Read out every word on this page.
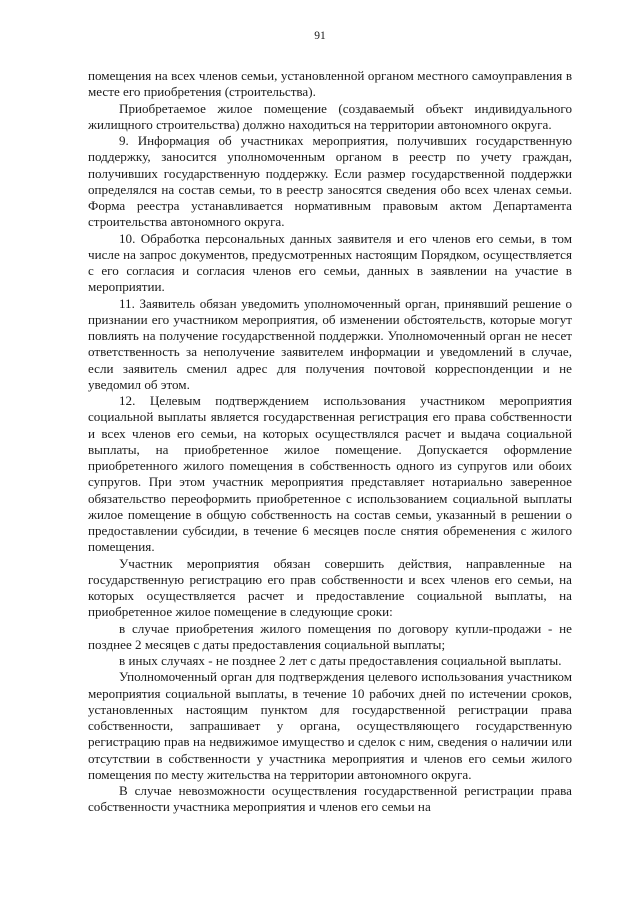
91

помещения на всех членов семьи, установленной органом местного самоуправления в месте его приобретения (строительства).

Приобретаемое жилое помещение (создаваемый объект индивидуального жилищного строительства) должно находиться на территории автономного округа.

9. Информация об участниках мероприятия, получивших государственную поддержку, заносится уполномоченным органом в реестр по учету граждан, получивших государственную поддержку. Если размер государственной поддержки определялся на состав семьи, то в реестр заносятся сведения обо всех членах семьи. Форма реестра устанавливается нормативным правовым актом Департамента строительства автономного округа.

10. Обработка персональных данных заявителя и его членов его семьи, в том числе на запрос документов, предусмотренных настоящим Порядком, осуществляется с его согласия и согласия членов его семьи, данных в заявлении на участие в мероприятии.

11. Заявитель обязан уведомить уполномоченный орган, принявший решение о признании его участником мероприятия, об изменении обстоятельств, которые могут повлиять на получение государственной поддержки. Уполномоченный орган не несет ответственность за неполучение заявителем информации и уведомлений в случае, если заявитель сменил адрес для получения почтовой корреспонденции и не уведомил об этом.

12. Целевым подтверждением использования участником мероприятия социальной выплаты является государственная регистрация его права собственности и всех членов его семьи, на которых осуществлялся расчет и выдача социальной выплаты, на приобретенное жилое помещение. Допускается оформление приобретенного жилого помещения в собственность одного из супругов или обоих супругов. При этом участник мероприятия представляет нотариально заверенное обязательство переоформить приобретенное с использованием социальной выплаты жилое помещение в общую собственность на состав семьи, указанный в решении о предоставлении субсидии, в течение 6 месяцев после снятия обременения с жилого помещения.

Участник мероприятия обязан совершить действия, направленные на государственную регистрацию его прав собственности и всех членов его семьи, на которых осуществляется расчет и предоставление социальной выплаты, на приобретенное жилое помещение в следующие сроки:

в случае приобретения жилого помещения по договору купли-продажи - не позднее 2 месяцев с даты предоставления социальной выплаты;

в иных случаях - не позднее 2 лет с даты предоставления социальной выплаты.

Уполномоченный орган для подтверждения целевого использования участником мероприятия социальной выплаты, в течение 10 рабочих дней по истечении сроков, установленных настоящим пунктом для государственной регистрации права собственности, запрашивает у органа, осуществляющего государственную регистрацию прав на недвижимое имущество и сделок с ним, сведения о наличии или отсутствии в собственности у участника мероприятия и членов его семьи жилого помещения по месту жительства на территории автономного округа.

В случае невозможности осуществления государственной регистрации права собственности участника мероприятия и членов его семьи на
